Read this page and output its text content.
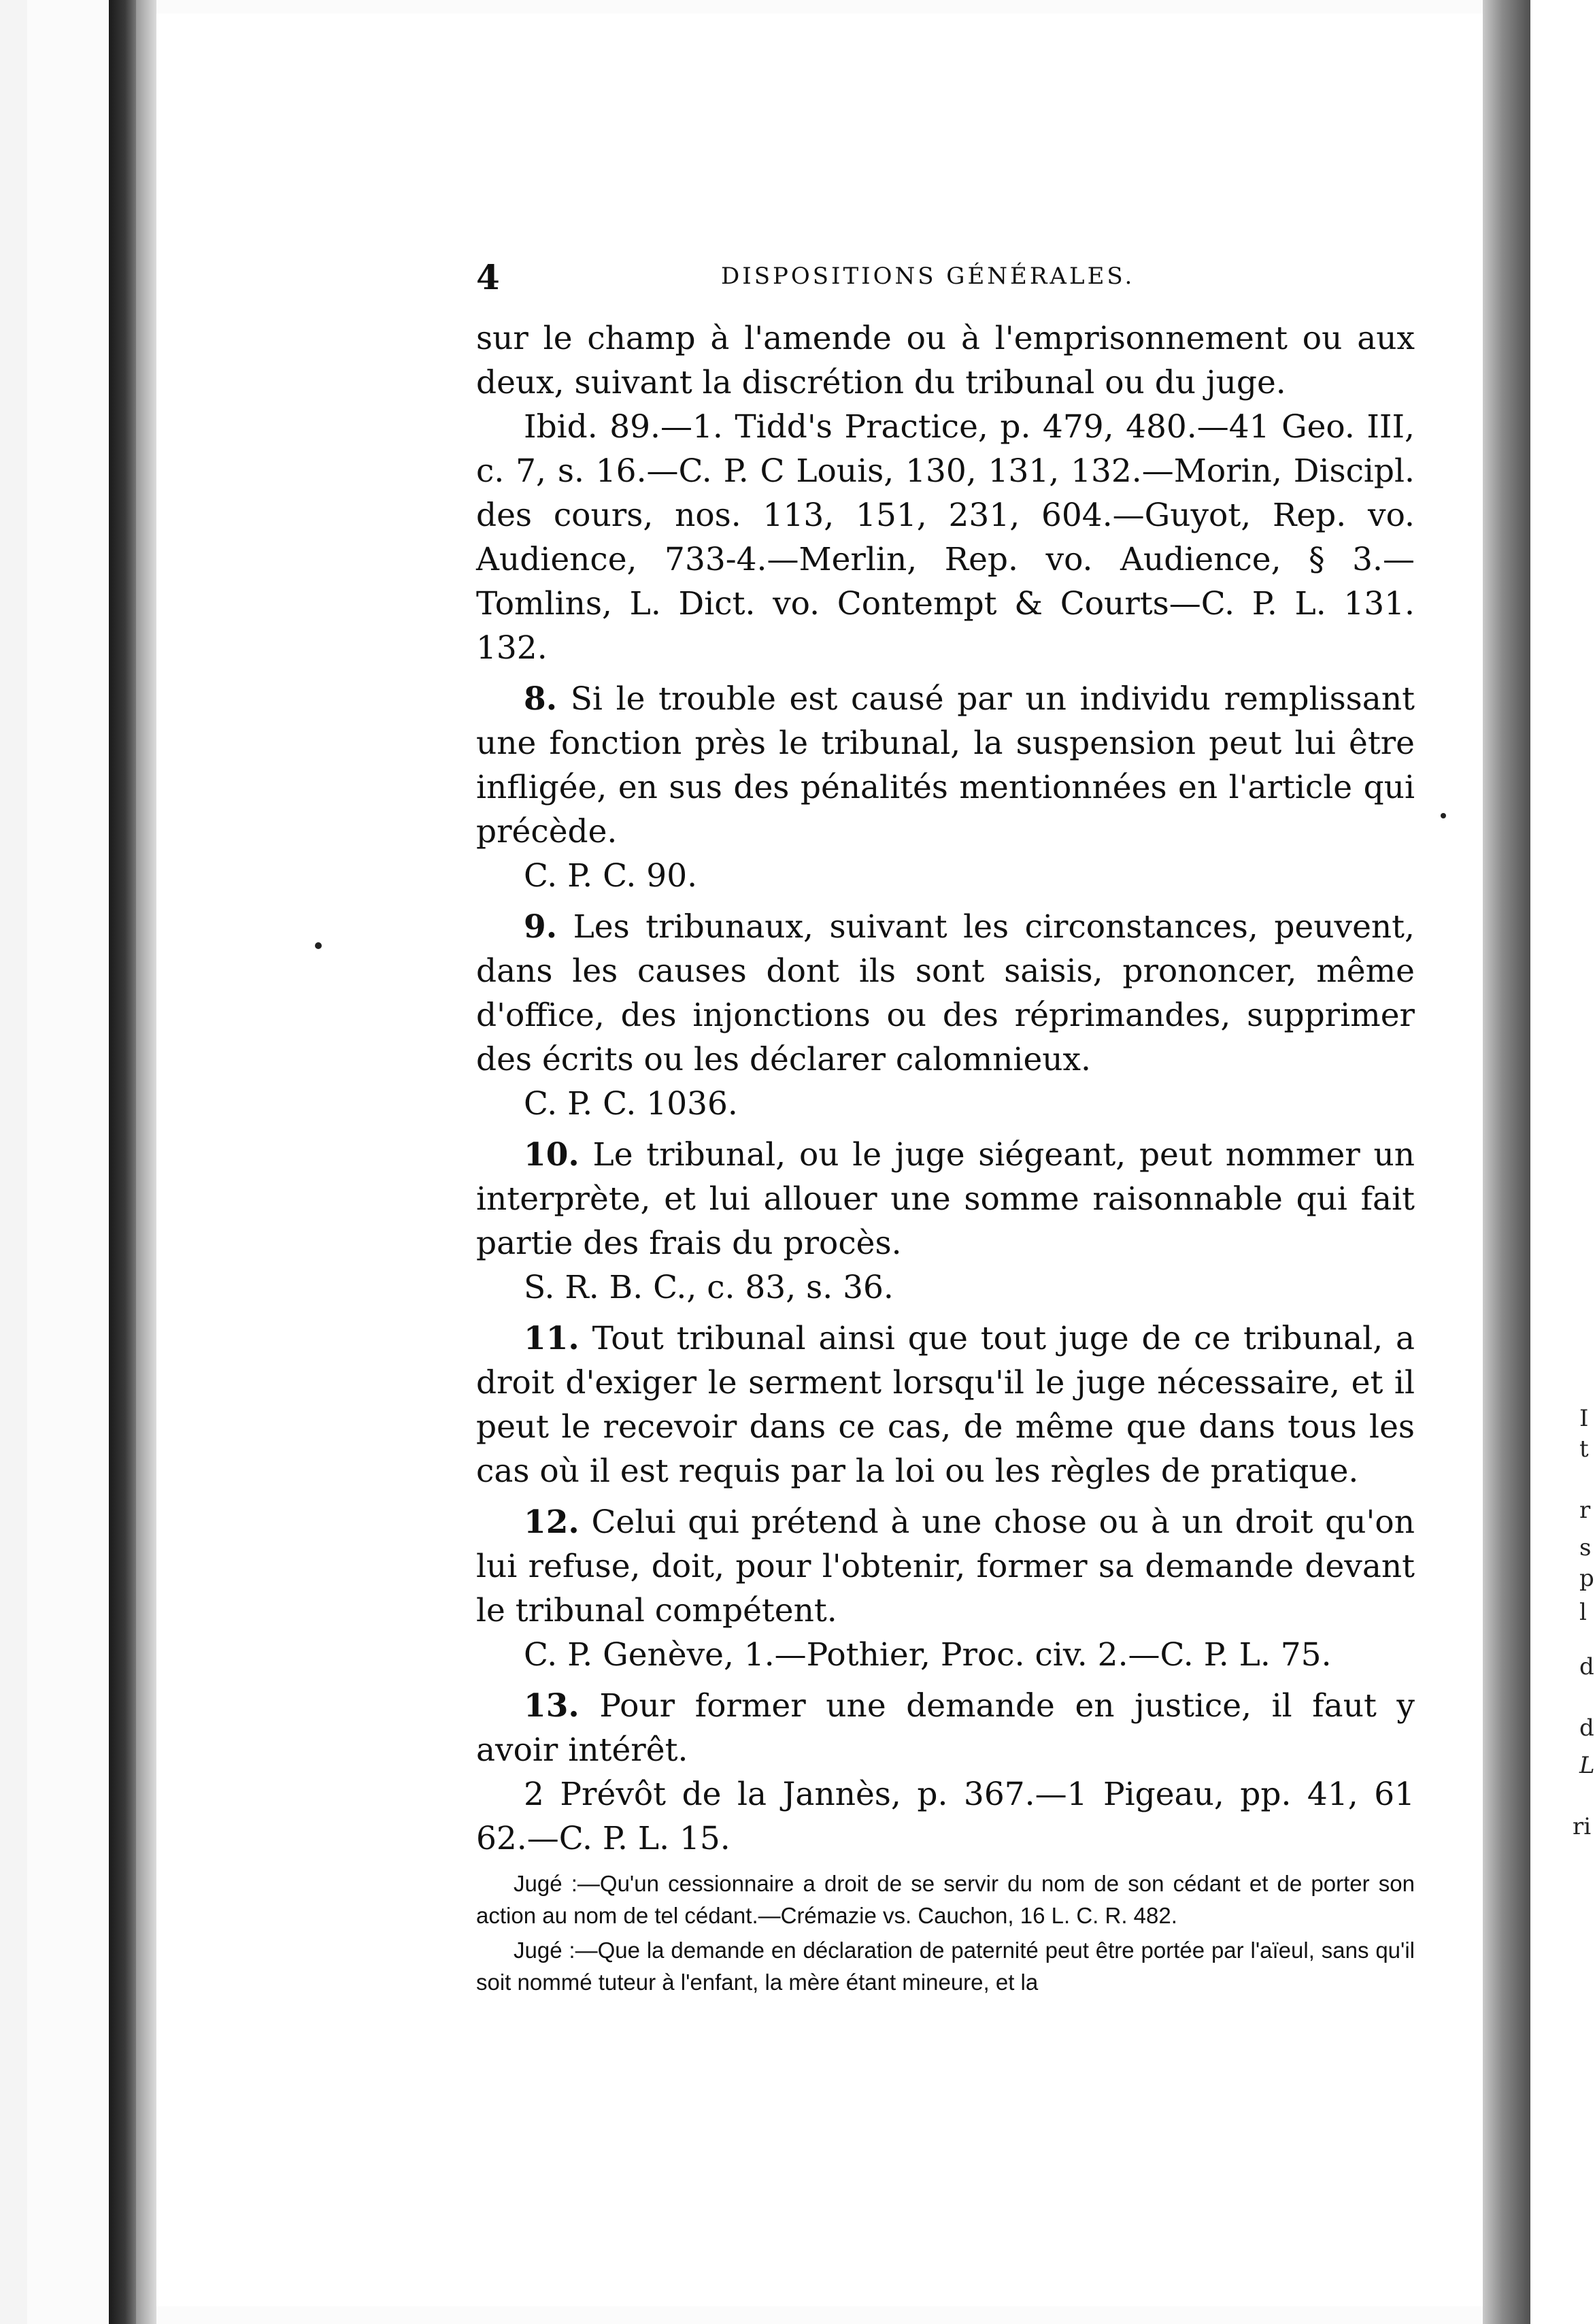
I
t
r
s
p
l
d
d
L
ri
4	DISPOSITIONS GÉNÉRALES.

sur le champ à l'amende ou à l'emprisonnement ou aux deux, suivant la discrétion du tribunal ou du juge.

Ibid. 89.—1. Tidd's Practice, p. 479, 480.—41 Geo. III, c. 7, s. 16.—C. P. C Louis, 130, 131, 132.—Morin, Discipl. des cours, nos. 113, 151, 231, 604.—Guyot, Rep. vo. Audience, 733-4.—Merlin, Rep. vo. Audience, § 3.—Tomlins, L. Dict. vo. Contempt & Courts—C. P. L. 131. 132.

8. Si le trouble est causé par un individu remplissant une fonction près le tribunal, la suspension peut lui être infligée, en sus des pénalités mentionnées en l'article qui précède.

C. P. C. 90.

9. Les tribunaux, suivant les circonstances, peuvent, dans les causes dont ils sont saisis, prononcer, même d'office, des injonctions ou des réprimandes, supprimer des écrits ou les déclarer calomnieux.

C. P. C. 1036.

10. Le tribunal, ou le juge siégeant, peut nommer un interprète, et lui allouer une somme raisonnable qui fait partie des frais du procès.

S. R. B. C., c. 83, s. 36.

11. Tout tribunal ainsi que tout juge de ce tribunal, a droit d'exiger le serment lorsqu'il le juge nécessaire, et il peut le recevoir dans ce cas, de même que dans tous les cas où il est requis par la loi ou les règles de pratique.

12. Celui qui prétend à une chose ou à un droit qu'on lui refuse, doit, pour l'obtenir, former sa demande devant le tribunal compétent.

C. P. Genève, 1.—Pothier, Proc. civ. 2.—C. P. L. 75.

13. Pour former une demande en justice, il faut y avoir intérêt.

2 Prévôt de la Jannès, p. 367.—1 Pigeau, pp. 41, 61 62.—C. P. L. 15.

Jugé :—Qu'un cessionnaire a droit de se servir du nom de son cédant et de porter son action au nom de tel cédant.—Crémazie vs. Cauchon, 16 L. C. R. 482.

Jugé :—Que la demande en déclaration de paternité peut être portée par l'aïeul, sans qu'il soit nommé tuteur à l'enfant, la mère étant mineure, et la
